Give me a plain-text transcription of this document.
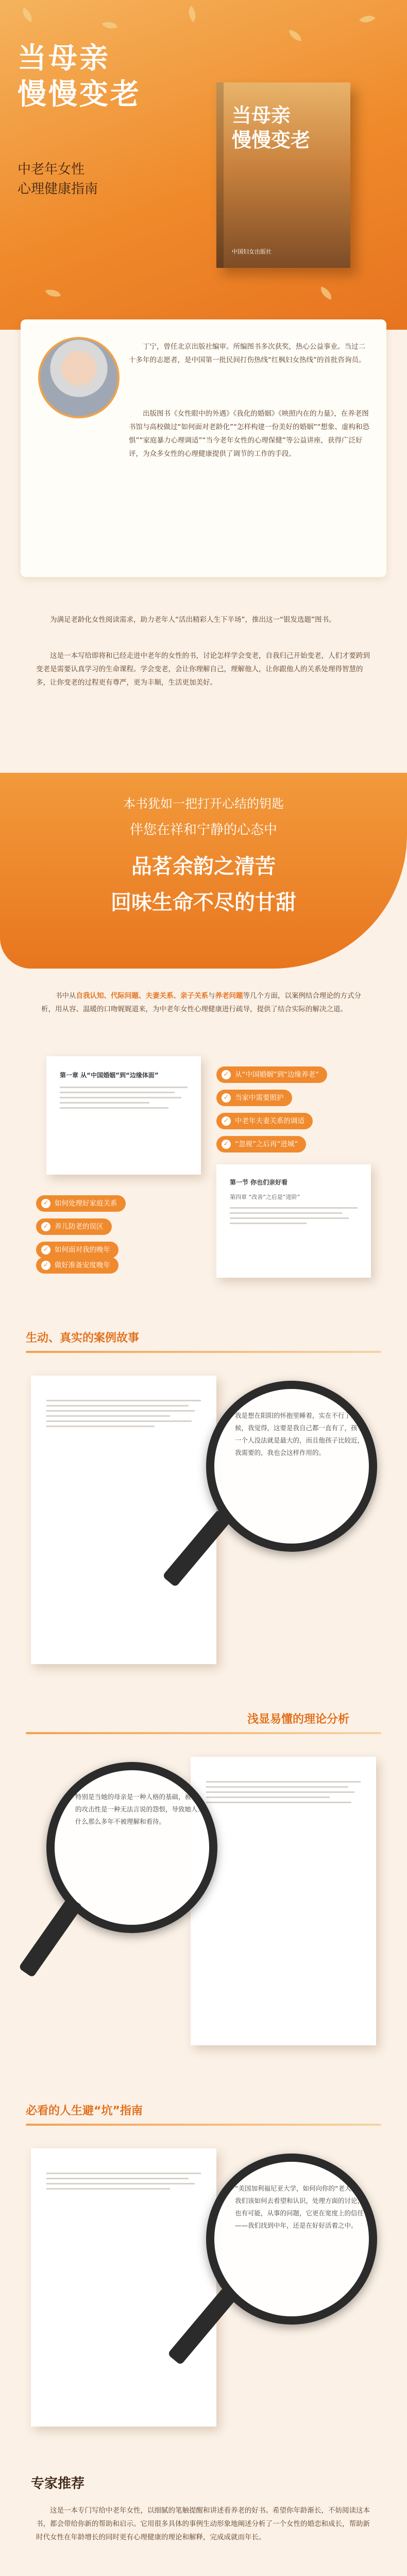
当母亲
慢慢变老
中老年女性
心理健康指南
当母亲
慢慢变老
中国妇女出版社
丁宁，曾任北京出版社编审。所编图书多次获奖，热心公益事业。当过二十多年的志愿者，是中国第一批民间打伤热线“红枫妇女热线”的首批咨询员。
出版图书《女性眼中的外遇》《我化的婚姻》《映照内在的力量》，在养老图书馆与高校做过“如何面对老龄化”“怎样构建一份美好的婚姻”“想象、虚构和恐惧”“家庭暴力心理调适”“当今老年女性的心理保健”等公益讲座，获得广泛好评，为众多女性的心理健康提供了调节的工作的手段。
为满足老龄化女性阅读需求，助力老年人“活出精彩人生下半场”，推出这一“银发选题”图书。
这是一本写给即将和已经走进中老年的女性的书，讨论怎样学会变老，自我归己开始变老，人们才要跨到变老是需要认真学习的生命课程。学会变老，会让你理解自己，理解他人，让你跟他人的关系处理得智慧的多，让你变老的过程更有尊严，更为丰顺，生活更加美好。
本书犹如一把打开心结的钥匙
伴您在祥和宁静的心态中
品茗余韵之清苦
回味生命不尽的甘甜
书中从自我认知、代际问题、夫妻关系、亲子关系与养老问题等几个方面，以案例结合理论的方式分析，用从容、温暖的口吻娓娓道来，为中老年女性心理健康进行疏导，提供了结合实际的解决之道。
第一章 从“中国婚姻”到“边缘体面”	✓ 从“中国婚姻”到“边缘养老”
✓ 当家中需要照护
✓ 中老年夫妻关系的调适
✓ “忽视”之后再“进城”
✓ 如何处理好家庭关系
✓ 养儿防老的误区
✓ 如何面对我的晚年
第一节 你也们亲好看
第四章 “改善”之后是“进阶”
✓ 做好准备安度晚年
生动、真实的案例故事
我是想在阳阳的怀抱里睡着，实在不行了的时候，我觉得，这要是我自己都一直有了，孩子一个人没法就是最大的，而且他孩子比较近，我需要的，我也会这样作用的。
浅显易懂的理论分析
特别是当她的母亲是一种人格的基础，被动式的攻击性是一种无法言说的怨恨，导致她人为什么那么多年不被理解和看待。
必看的人生避“坑”指南
“美国加利福尼亚大学，如何向你的“老人病”，我们该如何去看望和认识，处理方面的讨论，也有可能，从事的问题，它更在宽度上的信任——我们找到中年，还是在好好活着之中。
专家推荐
这是一本专门写给中老年女性，以细腻的笔触提醒和讲述看养老的好书。希望你年龄渐长，不妨阅读这本书，都会带给你新的帮助和启示。它用很多具体的事例生动形象地阐述分析了一个女性的婚恋和成长，帮助新时代女性在年龄增长的同时更有心理健康的理论和解释，完成成就而年长。
